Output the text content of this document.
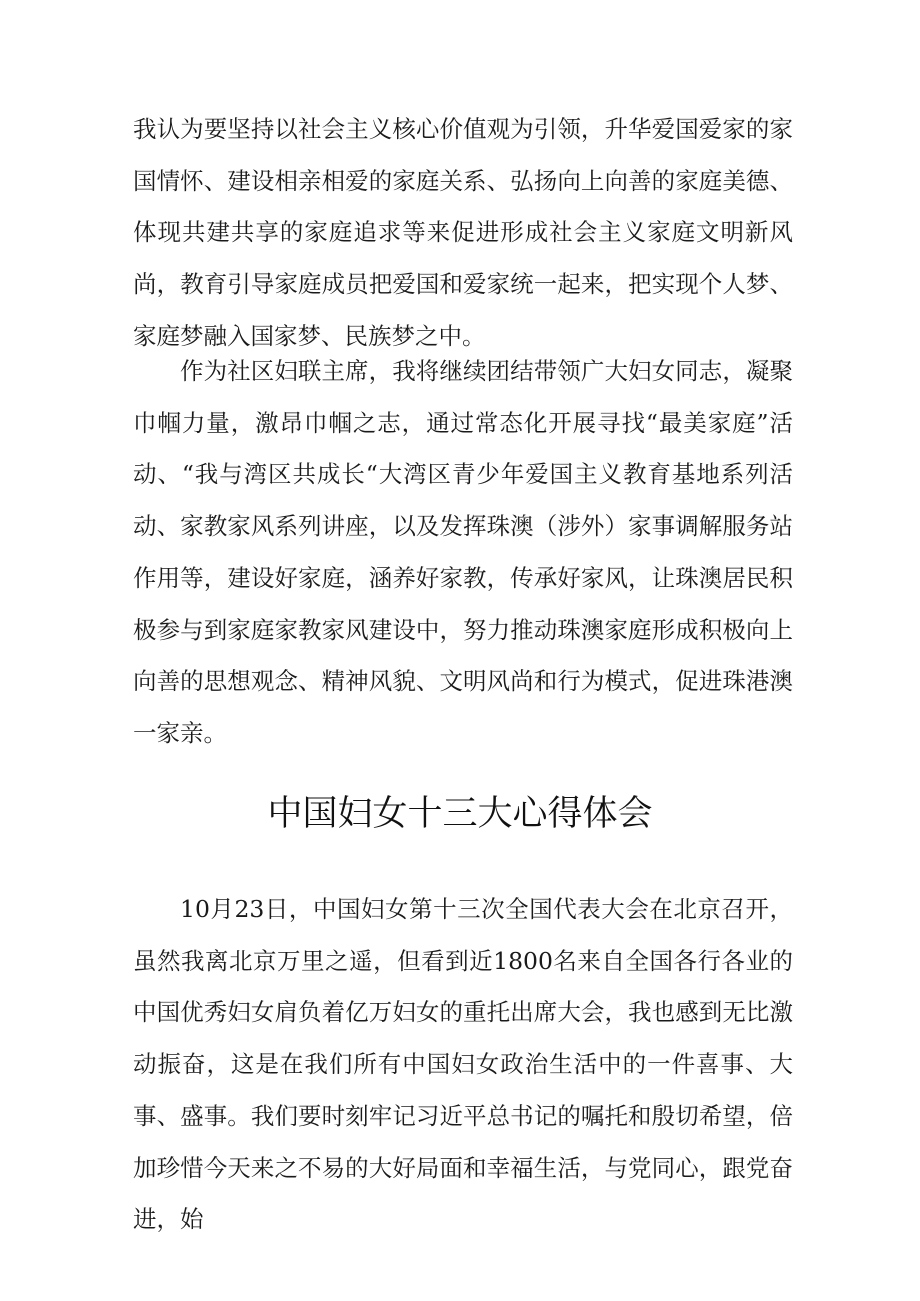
我认为要坚持以社会主义核心价值观为引领，升华爱国爱家的家国情怀、建设相亲相爱的家庭关系、弘扬向上向善的家庭美德、体现共建共享的家庭追求等来促进形成社会主义家庭文明新风尚，教育引导家庭成员把爱国和爱家统一起来，把实现个人梦、家庭梦融入国家梦、民族梦之中。

作为社区妇联主席，我将继续团结带领广大妇女同志，凝聚巾帼力量，激昂巾帼之志，通过常态化开展寻找“最美家庭”活动、“我与湾区共成长“大湾区青少年爱国主义教育基地系列活动、家教家风系列讲座，以及发挥珠澳（涉外）家事调解服务站作用等，建设好家庭，涵养好家教，传承好家风，让珠澳居民积极参与到家庭家教家风建设中，努力推动珠澳家庭形成积极向上向善的思想观念、精神风貌、文明风尚和行为模式，促进珠港澳一家亲。

中国妇女十三大心得体会

10月23日，中国妇女第十三次全国代表大会在北京召开，虽然我离北京万里之遥，但看到近1800名来自全国各行各业的中国优秀妇女肩负着亿万妇女的重托出席大会，我也感到无比激动振奋，这是在我们所有中国妇女政治生活中的一件喜事、大事、盛事。我们要时刻牢记习近平总书记的嘱托和殷切希望，倍加珍惜今天来之不易的大好局面和幸福生活，与党同心，跟党奋进，始
